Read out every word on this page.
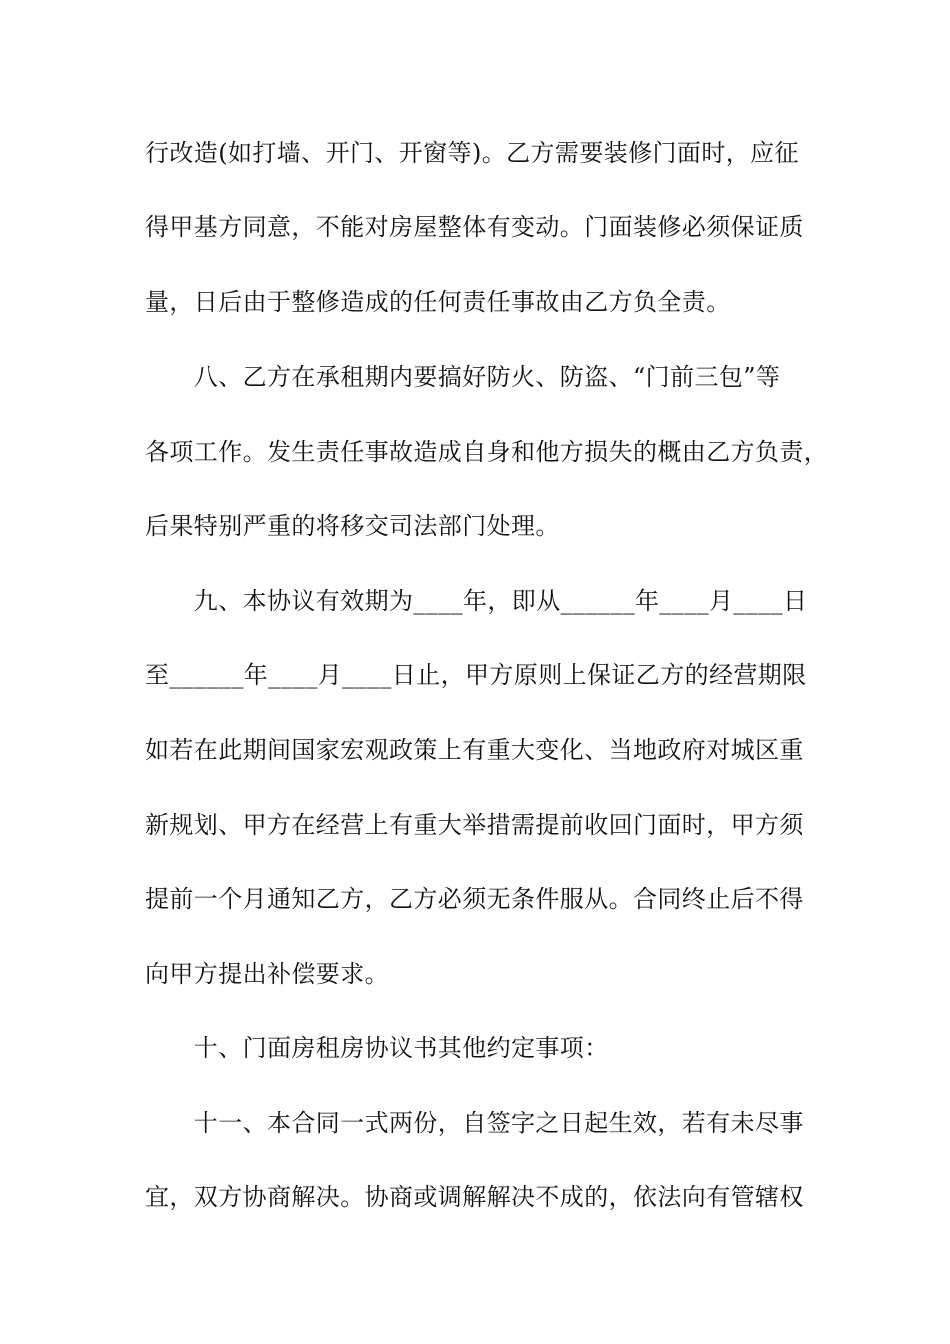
行改造(如打墙、开门、开窗等)。乙方需要装修门面时，应征
得甲基方同意，不能对房屋整体有变动。门面装修必须保证质
量，日后由于整修造成的任何责任事故由乙方负全责。
　　八、乙方在承租期内要搞好防火、防盗、“门前三包”等
各项工作。发生责任事故造成自身和他方损失的概由乙方负责，
后果特别严重的将移交司法部门处理。
　　九、本协议有效期为____年，即从______年____月____日
至______年____月____日止，甲方原则上保证乙方的经营期限
如若在此期间国家宏观政策上有重大变化、当地政府对城区重
新规划、甲方在经营上有重大举措需提前收回门面时，甲方须
提前一个月通知乙方，乙方必须无条件服从。合同终止后不得
向甲方提出补偿要求。
　　十、门面房租房协议书其他约定事项：
　　十一、本合同一式两份，自签字之日起生效，若有未尽事
宜，双方协商解决。协商或调解解决不成的，依法向有管辖权
